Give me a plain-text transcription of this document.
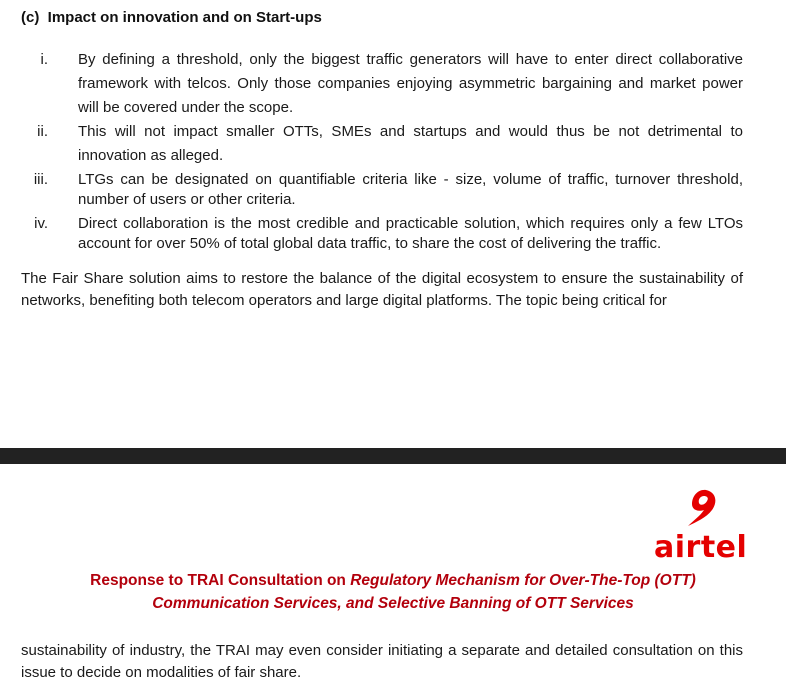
(c)  Impact on innovation and on Start-ups
i. By defining a threshold, only the biggest traffic generators will have to enter direct collaborative framework with telcos. Only those companies enjoying asymmetric bargaining and market power will be covered under the scope.
ii. This will not impact smaller OTTs, SMEs and startups and would thus be not detrimental to innovation as alleged.
iii. LTGs can be designated on quantifiable criteria like - size, volume of traffic, turnover threshold, number of users or other criteria.
iv. Direct collaboration is the most credible and practicable solution, which requires only a few LTOs account for over 50% of total global data traffic, to share the cost of delivering the traffic.
The Fair Share solution aims to restore the balance of the digital ecosystem to ensure the sustainability of networks, benefiting both telecom operators and large digital platforms. The topic being critical for
airtel
Response to TRAI Consultation on Regulatory Mechanism for Over-The-Top (OTT)
Communication Services, and Selective Banning of OTT Services
sustainability of industry, the TRAI may even consider initiating a separate and detailed consultation on this issue to decide on modalities of fair share.
